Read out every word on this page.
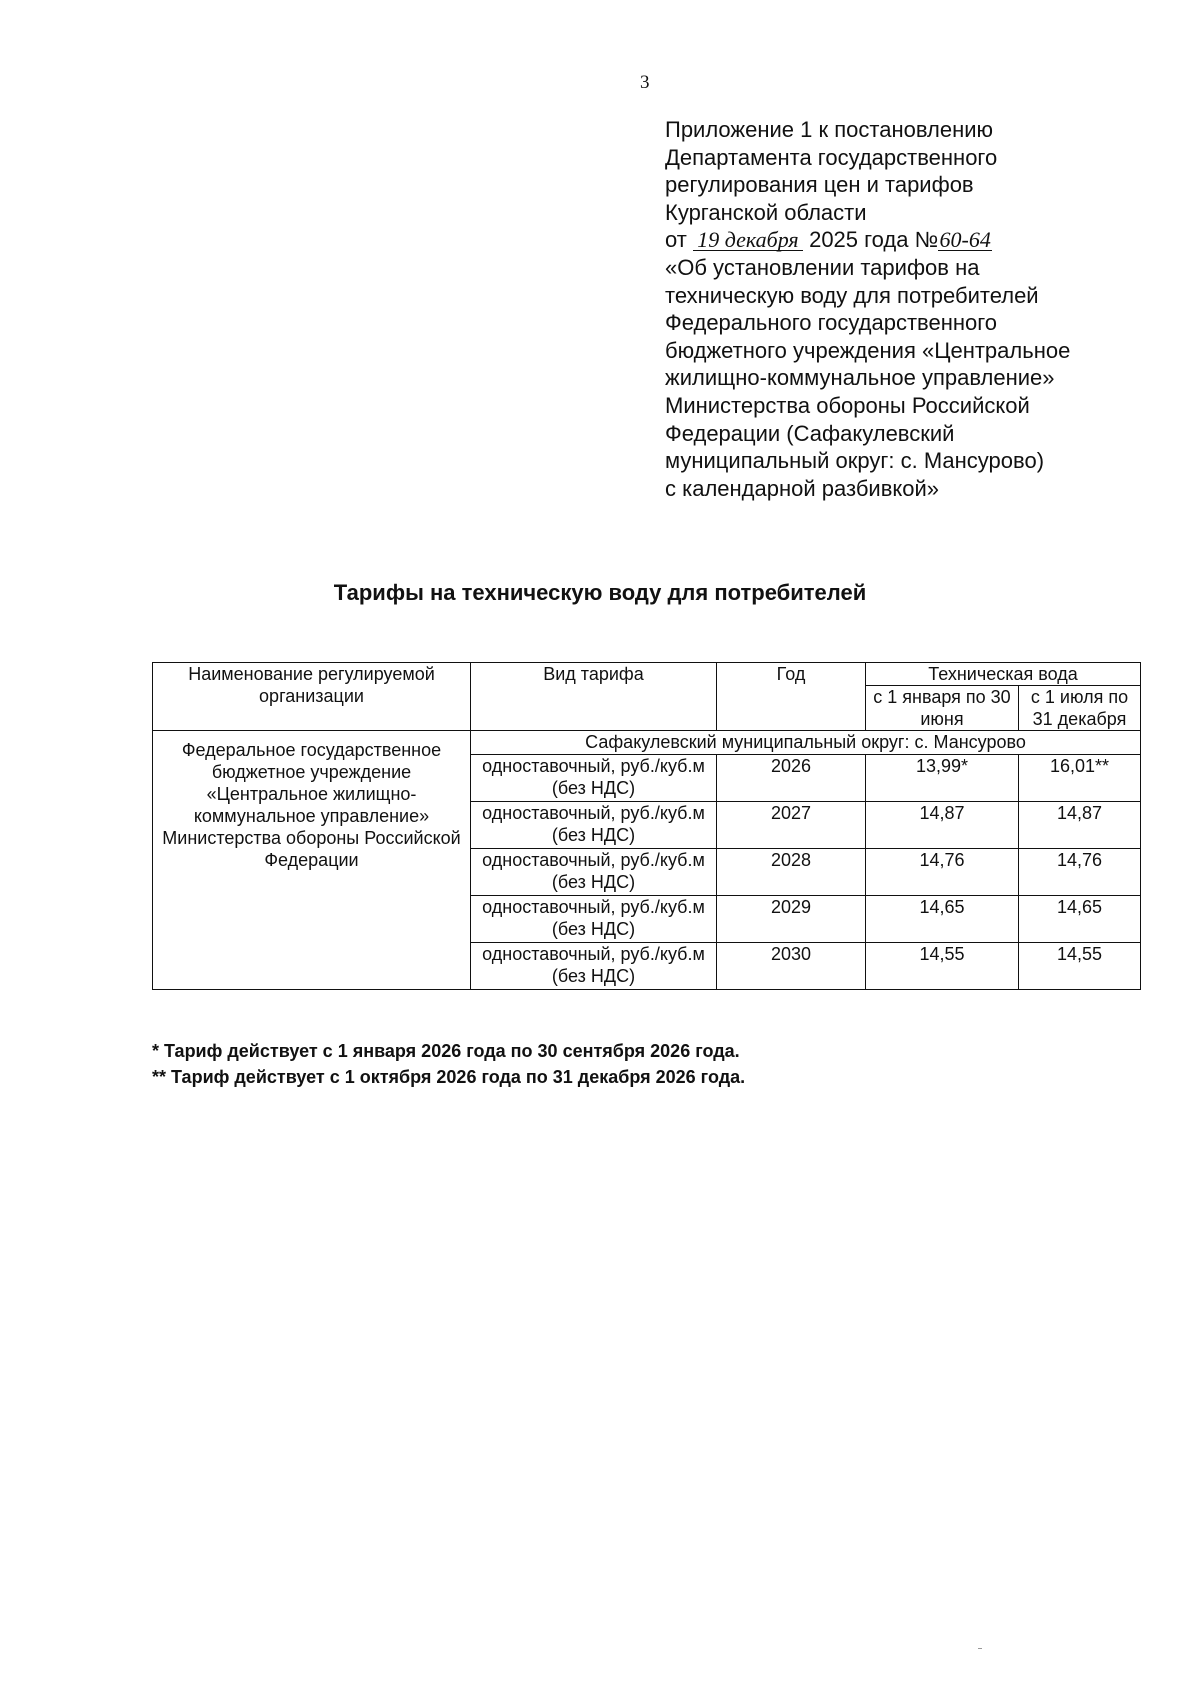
3
Приложение 1 к постановлению
Департамента государственного
регулирования цен и тарифов
Курганской области
от 19 декабря 2025 года №60-64
«Об установлении тарифов на
техническую воду для потребителей
Федерального государственного
бюджетного учреждения «Центральное
жилищно-коммунальное управление»
Министерства обороны Российской
Федерации (Сафакулевский
муниципальный округ: с. Мансурово)
с календарной разбивкой»
Тарифы на техническую воду для потребителей
Наименование регулируемой организации	Вид тарифа	Год	Техническая вода	
			с 1 января по 30 июня	с 1 июля по 31 декабря
Федеральное государственное бюджетное учреждение «Центральное жилищно-коммунальное управление» Министерства обороны Российской Федерации	Сафакулевский муниципальный округ: с. Мансурово			
	одноставочный, руб./куб.м (без НДС)	2026	13,99*	16,01**
	одноставочный, руб./куб.м (без НДС)	2027	14,87	14,87
	одноставочный, руб./куб.м (без НДС)	2028	14,76	14,76
	одноставочный, руб./куб.м (без НДС)	2029	14,65	14,65
	одноставочный, руб./куб.м (без НДС)	2030	14,55	14,55
* Тариф действует с 1 января 2026 года по 30 сентября 2026 года.
** Тариф действует с 1 октября 2026 года по 31 декабря 2026 года.
